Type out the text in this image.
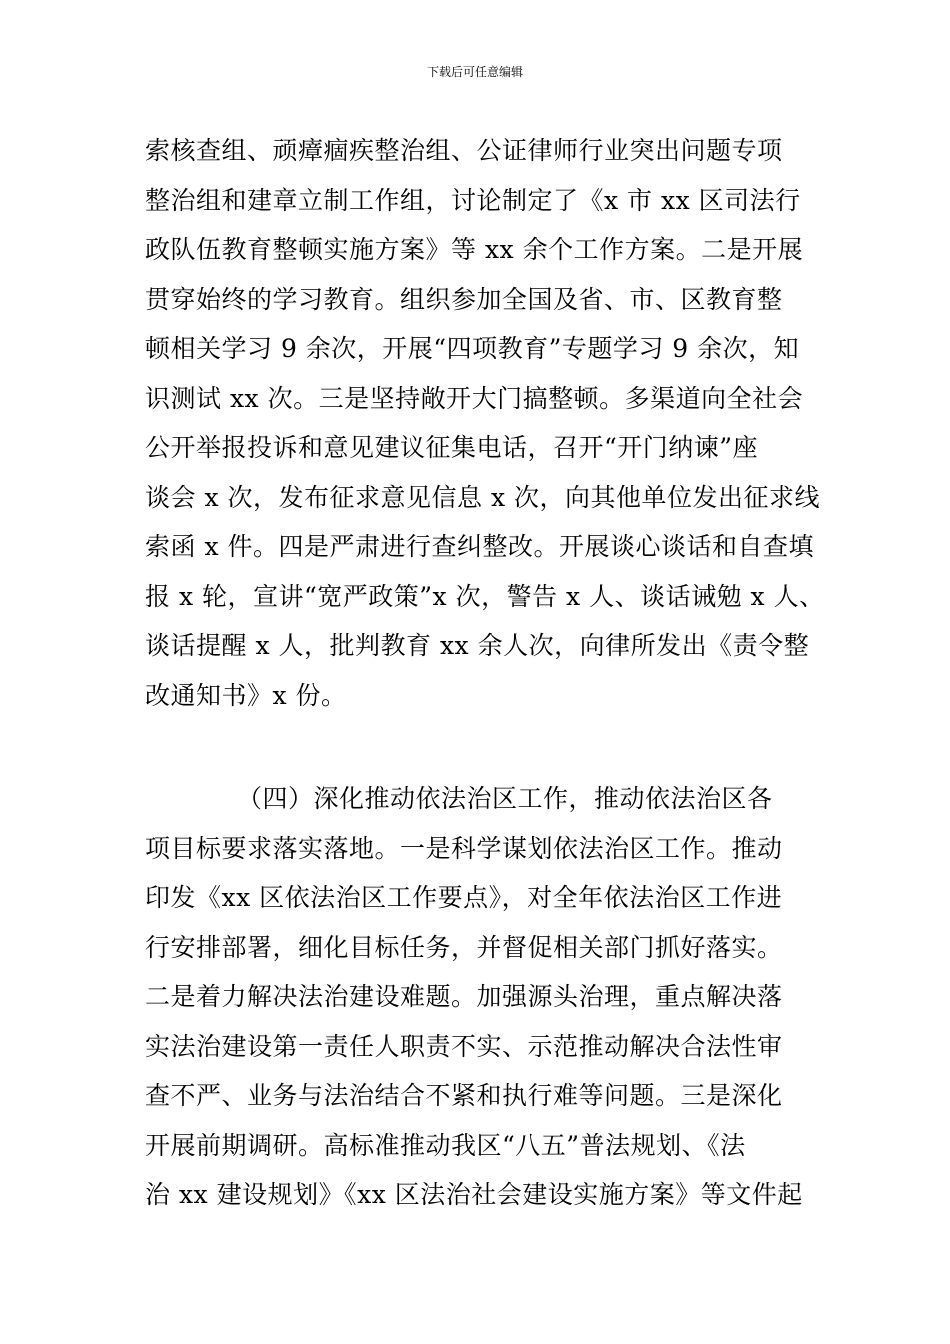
下载后可任意编辑
索核查组、顽瘴痼疾整治组、公证律师行业突出问题专项
整治组和建章立制工作组，讨论制定了《x 市 xx 区司法行
政队伍教育整顿实施方案》等 xx 余个工作方案。二是开展
贯穿始终的学习教育。组织参加全国及省、市、区教育整
顿相关学习 9 余次，开展“四项教育”专题学习 9 余次，知
识测试 xx 次。三是坚持敞开大门搞整顿。多渠道向全社会
公开举报投诉和意见建议征集电话，召开“开门纳谏”座
谈会 x 次，发布征求意见信息 x 次，向其他单位发出征求线
索函 x 件。四是严肃进行查纠整改。开展谈心谈话和自查填
报 x 轮，宣讲“宽严政策”x 次，警告 x 人、谈话诫勉 x 人、
谈话提醒 x 人，批判教育 xx 余人次，向律所发出《责令整
改通知书》x 份。
（四）深化推动依法治区工作，推动依法治区各
项目标要求落实落地。一是科学谋划依法治区工作。推动
印发《xx 区依法治区工作要点》，对全年依法治区工作进
行安排部署，细化目标任务，并督促相关部门抓好落实。
二是着力解决法治建设难题。加强源头治理，重点解决落
实法治建设第一责任人职责不实、示范推动解决合法性审
查不严、业务与法治结合不紧和执行难等问题。三是深化
开展前期调研。高标准推动我区“八五”普法规划、《法
治 xx 建设规划》《xx 区法治社会建设实施方案》等文件起
